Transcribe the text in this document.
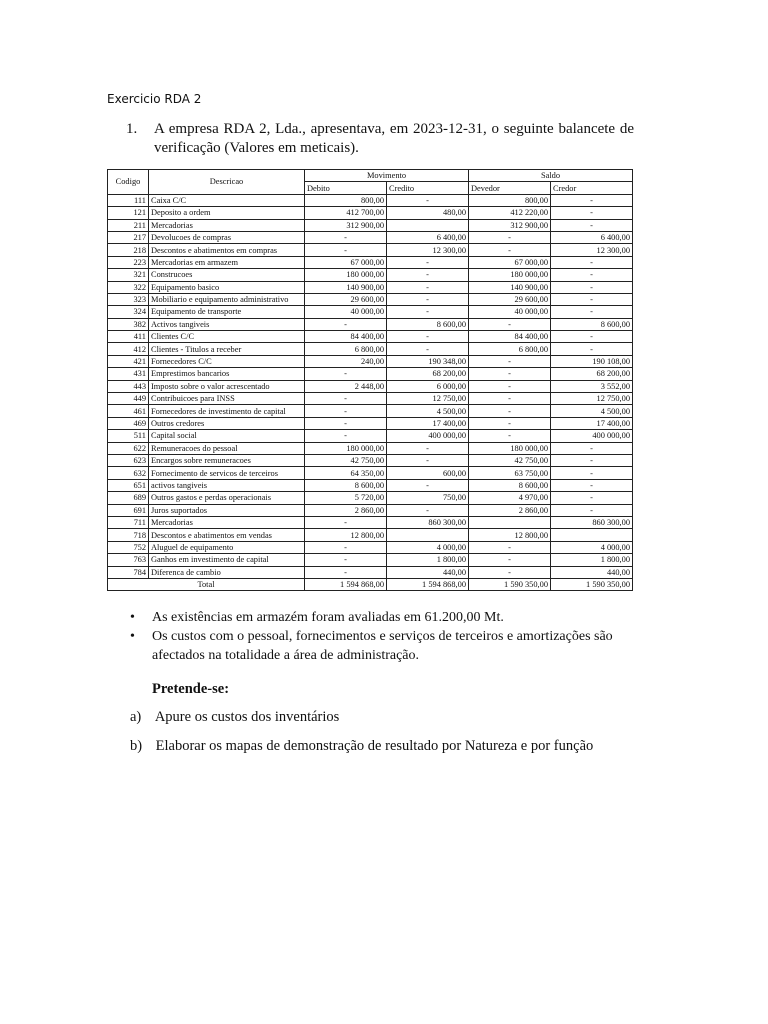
Exercicio RDA 2
1. A empresa RDA 2, Lda., apresentava, em 2023-12-31, o seguinte balancete de verificação (Valores em meticais).
Codigo	Descricao	Movimento		Saldo	
		Debito	Credito	Devedor	Credor
111	Caixa C/C	800,00	-	800,00	-
121	Deposito a ordem	412 700,00	480,00	412 220,00	-
211	Mercadorias	312 900,00		312 900,00	-
217	Devolucoes de compras	-	6 400,00	-	6 400,00
218	Descontos e abatimentos em compras	-	12 300,00	-	12 300,00
223	Mercadorias em armazem	67 000,00	-	67 000,00	-
321	Construcoes	180 000,00	-	180 000,00	-
322	Equipamento basico	140 900,00	-	140 900,00	-
323	Mobiliario e equipamento administrativo	29 600,00	-	29 600,00	-
324	Equipamento de transporte	40 000,00	-	40 000,00	-
382	Activos tangiveis	-	8 600,00	-	8 600,00
411	Clientes C/C	84 400,00	-	84 400,00	-
412	Clientes - Titulos a receber	6 800,00	-	6 800,00	-
421	Fornecedores C/C	240,00	190 348,00	-	190 108,00
431	Emprestimos bancarios	-	68 200,00	-	68 200,00
443	Imposto sobre o valor acrescentado	2 448,00	6 000,00	-	3 552,00
449	Contribuicoes para INSS	-	12 750,00	-	12 750,00
461	Fornecedores de investimento de capital	-	4 500,00	-	4 500,00
469	Outros credores	-	17 400,00	-	17 400,00
511	Capital social	-	400 000,00	-	400 000,00
622	Remuneracoes do pessoal	180 000,00	-	180 000,00	-
623	Encargos sobre remuneracoes	42 750,00	-	42 750,00	-
632	Fornecimento de servicos de terceiros	64 350,00	600,00	63 750,00	-
651	activos tangiveis	8 600,00	-	8 600,00	-
689	Outros gastos e perdas operacionais	5 720,00	750,00	4 970,00	-
691	Juros suportados	2 860,00	-	2 860,00	-
711	Mercadorias	-	860 300,00		860 300,00
718	Descontos e abatimentos em vendas	12 800,00		12 800,00	
752	Aluguel de equipamento	-	4 000,00	-	4 000,00
763	Ganhos em investimento de capital	-	1 800,00	-	1 800,00
784	Diferenca de cambio	-	440,00	-	440,00
Total		1 594 868,00	1 594 868,00	1 590 350,00	1 590 350,00
• As existências em armazém foram avaliadas em 61.200,00 Mt.
• Os custos com o pessoal, fornecimentos e serviços de terceiros e amortizações são afectados na totalidade a área de administração.
Pretende-se:
a) Apure os custos dos inventários
b) Elaborar os mapas de demonstração de resultado por Natureza e por função
